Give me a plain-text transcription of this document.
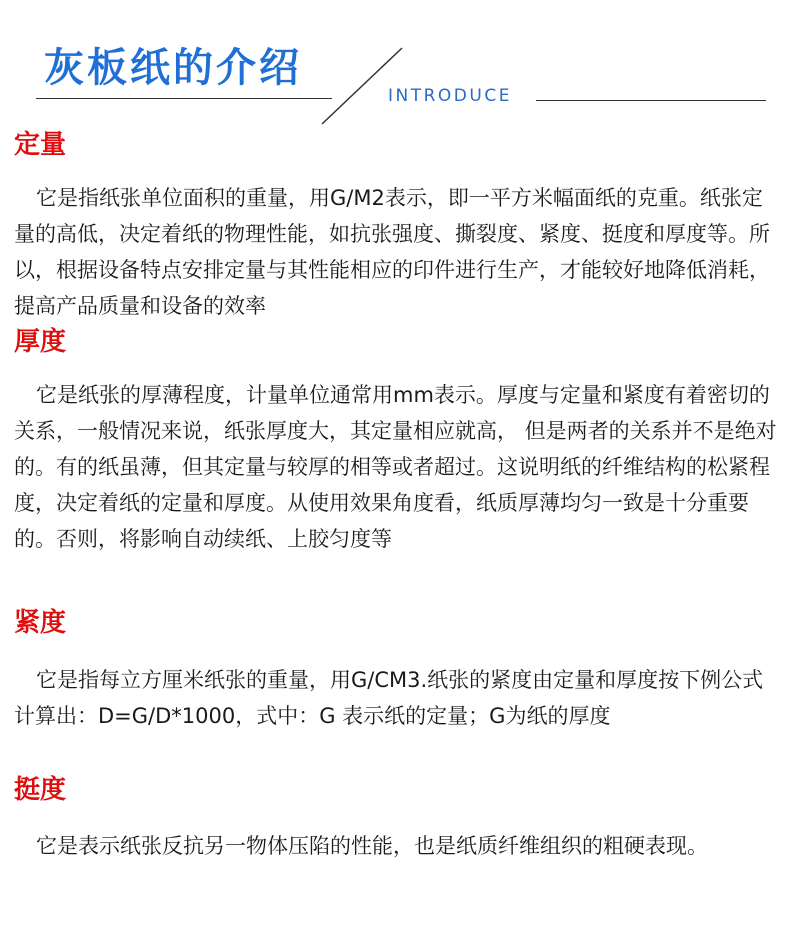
灰板纸的介绍
INTRODUCE
定量
它是指纸张单位面积的重量，用G/M2表示，即一平方米幅面纸的克重。纸张定量的高低，决定着纸的物理性能，如抗张强度、撕裂度、紧度、挺度和厚度等。所以，根据设备特点安排定量与其性能相应的印件进行生产，才能较好地降低消耗，提高产品质量和设备的效率
厚度
它是纸张的厚薄程度，计量单位通常用mm表示。厚度与定量和紧度有着密切的关系，一般情况来说，纸张厚度大，其定量相应就高， 但是两者的关系并不是绝对的。有的纸虽薄，但其定量与较厚的相等或者超过。这说明纸的纤维结构的松紧程度，决定着纸的定量和厚度。从使用效果角度看，纸质厚薄均匀一致是十分重要的。否则，将影响自动续纸、上胶匀度等
紧度
它是指每立方厘米纸张的重量，用G/CM3.纸张的紧度由定量和厚度按下例公式计算出：D=G/D*1000，式中：G 表示纸的定量；G为纸的厚度
挺度
它是表示纸张反抗另一物体压陷的性能，也是纸质纤维组织的粗硬表现。
